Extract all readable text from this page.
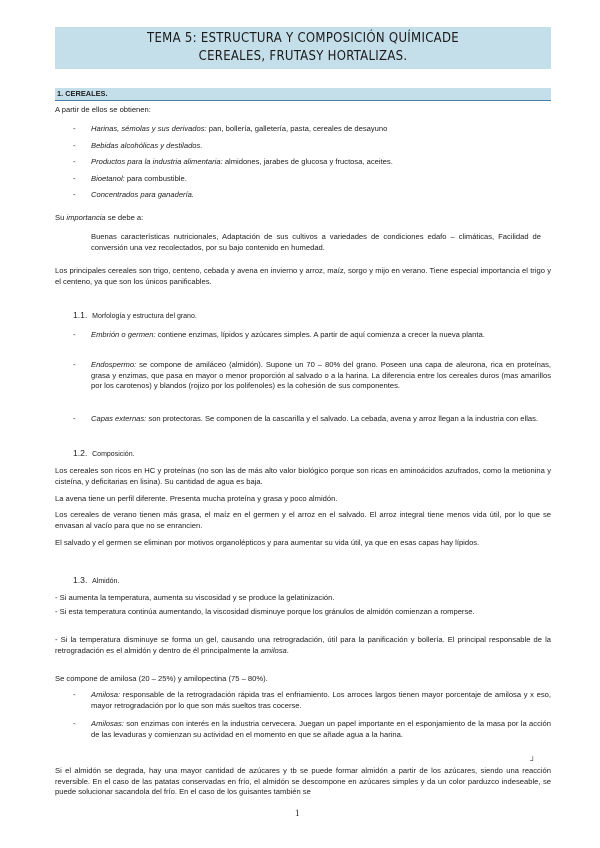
TEMA 5: ESTRUCTURA Y COMPOSICIÓN QUÍMICADE
CEREALES, FRUTASY HORTALIZAS.
1. CEREALES.
A partir de ellos se obtienen:
- Harinas, sémolas y sus derivados: pan, bollería, galletería, pasta, cereales de desayuno
- Bebidas alcohólicas y destilados.
- Productos para la industria alimentaria: almidones, jarabes de glucosa y fructosa, aceites.
- Bioetanol: para combustible.
- Concentrados para ganadería.
Su importancia se debe a:
Buenas características nutricionales, Adaptación de sus cultivos a variedades de condiciones edafo – climáticas, Facilidad de conversión una vez recolectados, por su bajo contenido en humedad.
Los principales cereales son trigo, centeno, cebada y avena en invierno y arroz, maíz, sorgo y mijo en verano. Tiene especial importancia el trigo y el centeno, ya que son los únicos panificables.
1.1. Morfología y estructura del grano.
- Embrión o germen: contiene enzimas, lípidos y azúcares simples. A partir de aquí comienza a crecer la nueva planta.
- Endospermo: se compone de amiláceo (almidón). Supone un 70 – 80% del grano. Poseen una capa de aleurona, rica en proteínas, grasa y enzimas, que pasa en mayor o menor proporción al salvado o a la harina. La diferencia entre los cereales duros (mas amarillos por los carotenos) y blandos (rojizo por los polifenoles) es la cohesión de sus componentes.
- Capas externas: son protectoras. Se componen de la cascarilla y el salvado. La cebada, avena y arroz llegan a la industria con ellas.
1.2. Composición.
Los cereales son ricos en HC y proteínas (no son las de más alto valor biológico porque son ricas en aminoácidos azufrados, como la metionina y cisteína, y deficitarias en lisina). Su cantidad de agua es baja.
La avena tiene un perfil diferente. Presenta mucha proteína y grasa y poco almidón.
Los cereales de verano tienen más grasa, el maíz en el germen y el arroz en el salvado. El arroz integral tiene menos vida útil, por lo que se envasan al vacío para que no se enrancien.
El salvado y el germen se eliminan por motivos organolépticos y para aumentar su vida útil, ya que en esas capas hay lípidos.
1.3. Almidón.
- Si aumenta la temperatura, aumenta su viscosidad y se produce la gelatinización.
- Si esta temperatura continúa aumentando, la viscosidad disminuye porque los gránulos de almidón comienzan a romperse.
- Si la temperatura disminuye se forma un gel, causando una retrogradación, útil para la panificación y bollería. El principal responsable de la retrogradación es el almidón y dentro de él principalmente la amilosa.
Se compone de amilosa (20 – 25%) y amilopectina (75 – 80%).
- Amilosa: responsable de la retrogradación rápida tras el enfriamiento. Los arroces largos tienen mayor porcentaje de amilosa y x eso, mayor retrogradación por lo que son más sueltos tras cocerse.
- Amilosas: son enzimas con interés en la industria cervecera. Juegan un papel importante en el esponjamiento de la masa por la acción de las levaduras y comienzan su actividad en el momento en que se añade agua a la harina.
┘
Si el almidón se degrada, hay una mayor cantidad de azúcares y tb se puede formar almidón a partir de los azúcares, siendo una reacción reversible. En el caso de las patatas conservadas en frío, el almidón se descompone en azúcares simples y da un color parduzco indeseable, se puede solucionar sacandola del frío. En el caso de los guisantes también se
1
